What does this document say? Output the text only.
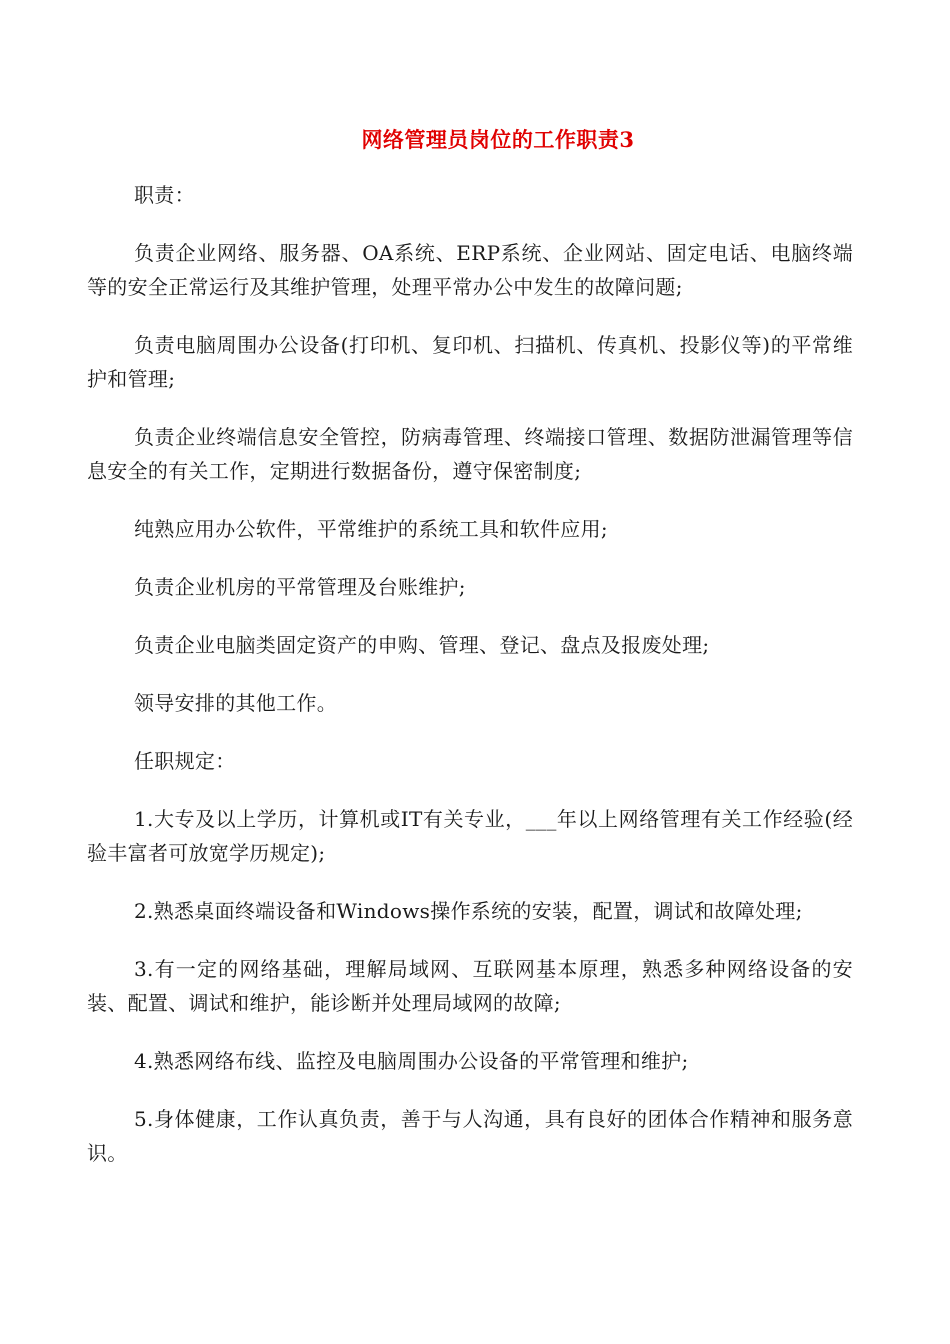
网络管理员岗位的工作职责3

职责：

负责企业网络、服务器、OA系统、ERP系统、企业网站、固定电话、电脑终端等的安全正常运行及其维护管理，处理平常办公中发生的故障问题;

负责电脑周围办公设备(打印机、复印机、扫描机、传真机、投影仪等)的平常维护和管理;

负责企业终端信息安全管控，防病毒管理、终端接口管理、数据防泄漏管理等信息安全的有关工作，定期进行数据备份，遵守保密制度;

纯熟应用办公软件，平常维护的系统工具和软件应用;

负责企业机房的平常管理及台账维护;

负责企业电脑类固定资产的申购、管理、登记、盘点及报废处理;

领导安排的其他工作。

任职规定：

1.大专及以上学历，计算机或IT有关专业，___年以上网络管理有关工作经验(经验丰富者可放宽学历规定);

2.熟悉桌面终端设备和Windows操作系统的安装，配置，调试和故障处理;

3.有一定的网络基础，理解局域网、互联网基本原理，熟悉多种网络设备的安装、配置、调试和维护，能诊断并处理局域网的故障;

4.熟悉网络布线、监控及电脑周围办公设备的平常管理和维护;

5.身体健康，工作认真负责，善于与人沟通，具有良好的团体合作精神和服务意识。
